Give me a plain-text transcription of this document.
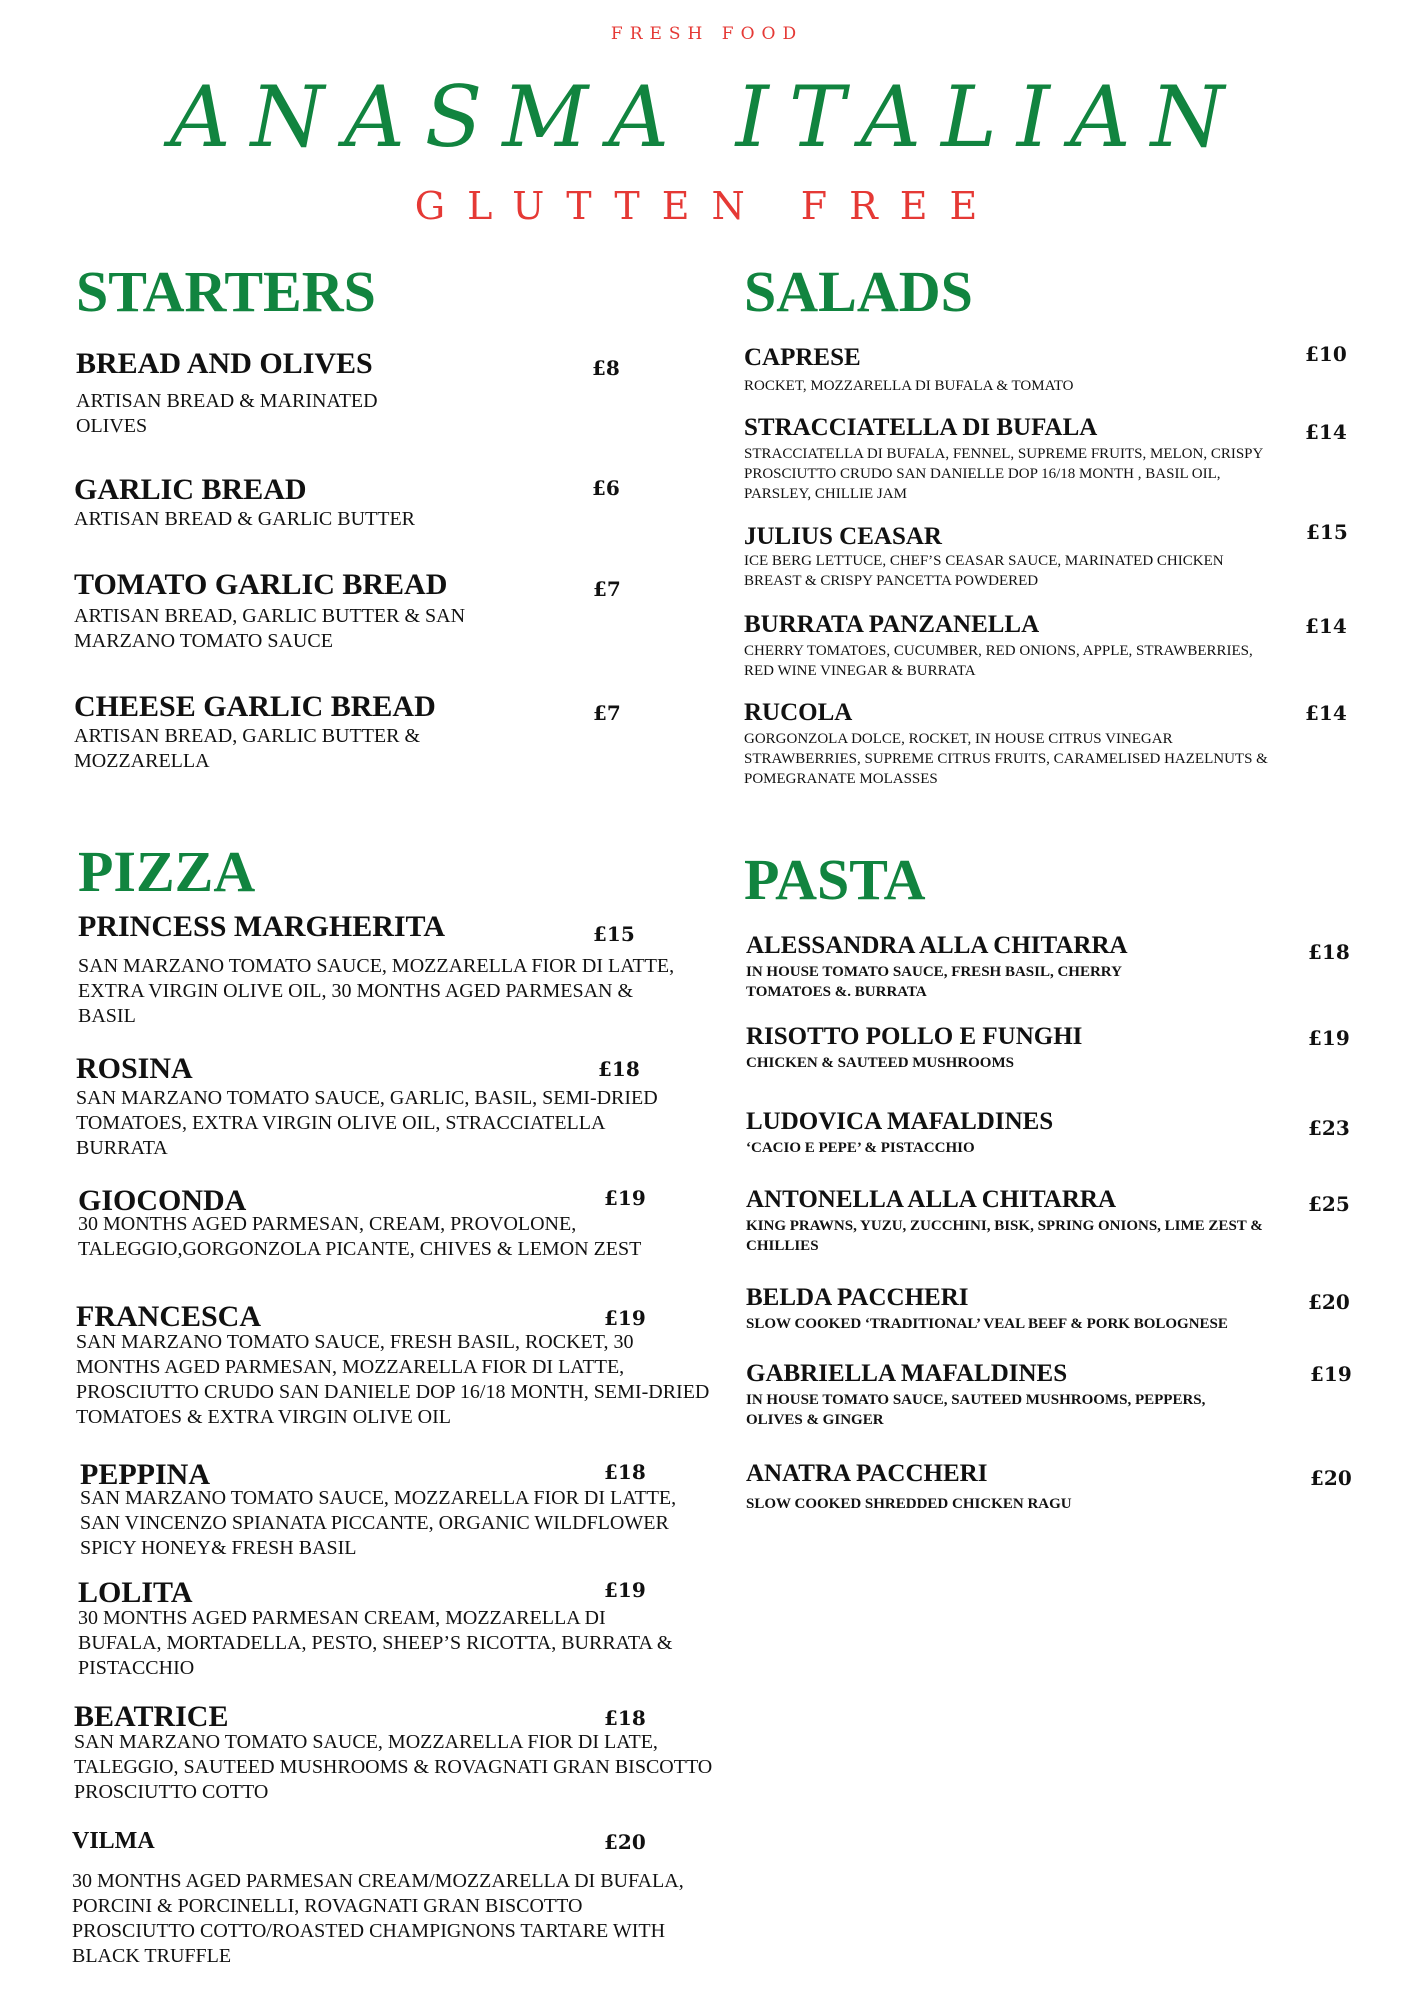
FRESH FOOD
ANASMA ITALIAN
GLUTTEN FREE
STARTERS
BREAD AND OLIVES
ARTISAN BREAD & MARINATED OLIVES
£8
GARLIC BREAD
ARTISAN BREAD & GARLIC BUTTER
£6
TOMATO GARLIC BREAD
ARTISAN BREAD, GARLIC BUTTER & SAN MARZANO TOMATO SAUCE
£7
CHEESE GARLIC BREAD
ARTISAN BREAD, GARLIC BUTTER & MOZZARELLA
£7
SALADS
CAPRESE
ROCKET, MOZZARELLA DI BUFALA & TOMATO
£10
STRACCIATELLA DI BUFALA
STRACCIATELLA DI BUFALA, FENNEL, SUPREME FRUITS, MELON, CRISPY PROSCIUTTO CRUDO SAN DANIELLE DOP 16/18 MONTH , BASIL OIL, PARSLEY, CHILLIE JAM
£14
JULIUS CEASAR
ICE BERG LETTUCE, CHEF’S CEASAR SAUCE, MARINATED CHICKEN BREAST & CRISPY PANCETTA POWDERED
£15
BURRATA PANZANELLA
CHERRY TOMATOES, CUCUMBER, RED ONIONS, APPLE, STRAWBERRIES, RED WINE VINEGAR & BURRATA
£14
RUCOLA
GORGONZOLA DOLCE, ROCKET, IN HOUSE CITRUS VINEGAR STRAWBERRIES, SUPREME CITRUS FRUITS, CARAMELISED HAZELNUTS & POMEGRANATE MOLASSES
£14
PIZZA
PRINCESS MARGHERITA
SAN MARZANO TOMATO SAUCE, MOZZARELLA FIOR DI LATTE, EXTRA VIRGIN OLIVE OIL, 30 MONTHS AGED PARMESAN & BASIL
£15
ROSINA
SAN MARZANO TOMATO SAUCE, GARLIC, BASIL, SEMI-DRIED TOMATOES, EXTRA VIRGIN OLIVE OIL, STRACCIATELLA BURRATA
£18
GIOCONDA
30 MONTHS AGED PARMESAN, CREAM, PROVOLONE, TALEGGIO,GORGONZOLA PICANTE, CHIVES & LEMON ZEST
£19
FRANCESCA
SAN MARZANO TOMATO SAUCE, FRESH BASIL, ROCKET, 30 MONTHS AGED PARMESAN, MOZZARELLA FIOR DI LATTE, PROSCIUTTO CRUDO SAN DANIELE DOP 16/18 MONTH, SEMI-DRIED TOMATOES & EXTRA VIRGIN OLIVE OIL
£19
PEPPINA
SAN MARZANO TOMATO SAUCE, MOZZARELLA FIOR DI LATTE, SAN VINCENZO SPIANATA PICCANTE, ORGANIC WILDFLOWER SPICY HONEY& FRESH BASIL
£18
LOLITA
30 MONTHS AGED PARMESAN CREAM, MOZZARELLA DI BUFALA, MORTADELLA, PESTO, SHEEP’S RICOTTA, BURRATA & PISTACCHIO
£19
BEATRICE
SAN MARZANO TOMATO SAUCE, MOZZARELLA FIOR DI LATE, TALEGGIO, SAUTEED MUSHROOMS & ROVAGNATI GRAN BISCOTTO PROSCIUTTO COTTO
£18
VILMA
30 MONTHS AGED PARMESAN CREAM/MOZZARELLA DI BUFALA, PORCINI & PORCINELLI, ROVAGNATI GRAN BISCOTTO PROSCIUTTO COTTO/ROASTED CHAMPIGNONS TARTARE WITH BLACK TRUFFLE
£20
PASTA
ALESSANDRA ALLA CHITARRA
IN HOUSE TOMATO SAUCE, FRESH BASIL, CHERRY TOMATOES &. BURRATA
£18
RISOTTO POLLO E FUNGHI
CHICKEN & SAUTEED MUSHROOMS
£19
LUDOVICA MAFALDINES
‘CACIO E PEPE’ & PISTACCHIO
£23
ANTONELLA ALLA CHITARRA
KING PRAWNS, YUZU, ZUCCHINI, BISK, SPRING ONIONS, LIME ZEST & CHILLIES
£25
BELDA PACCHERI
SLOW COOKED ‘TRADITIONAL’ VEAL BEEF & PORK BOLOGNESE
£20
GABRIELLA MAFALDINES
IN HOUSE TOMATO SAUCE, SAUTEED MUSHROOMS, PEPPERS, OLIVES & GINGER
£19
ANATRA PACCHERI
SLOW COOKED SHREDDED CHICKEN RAGU
£20
